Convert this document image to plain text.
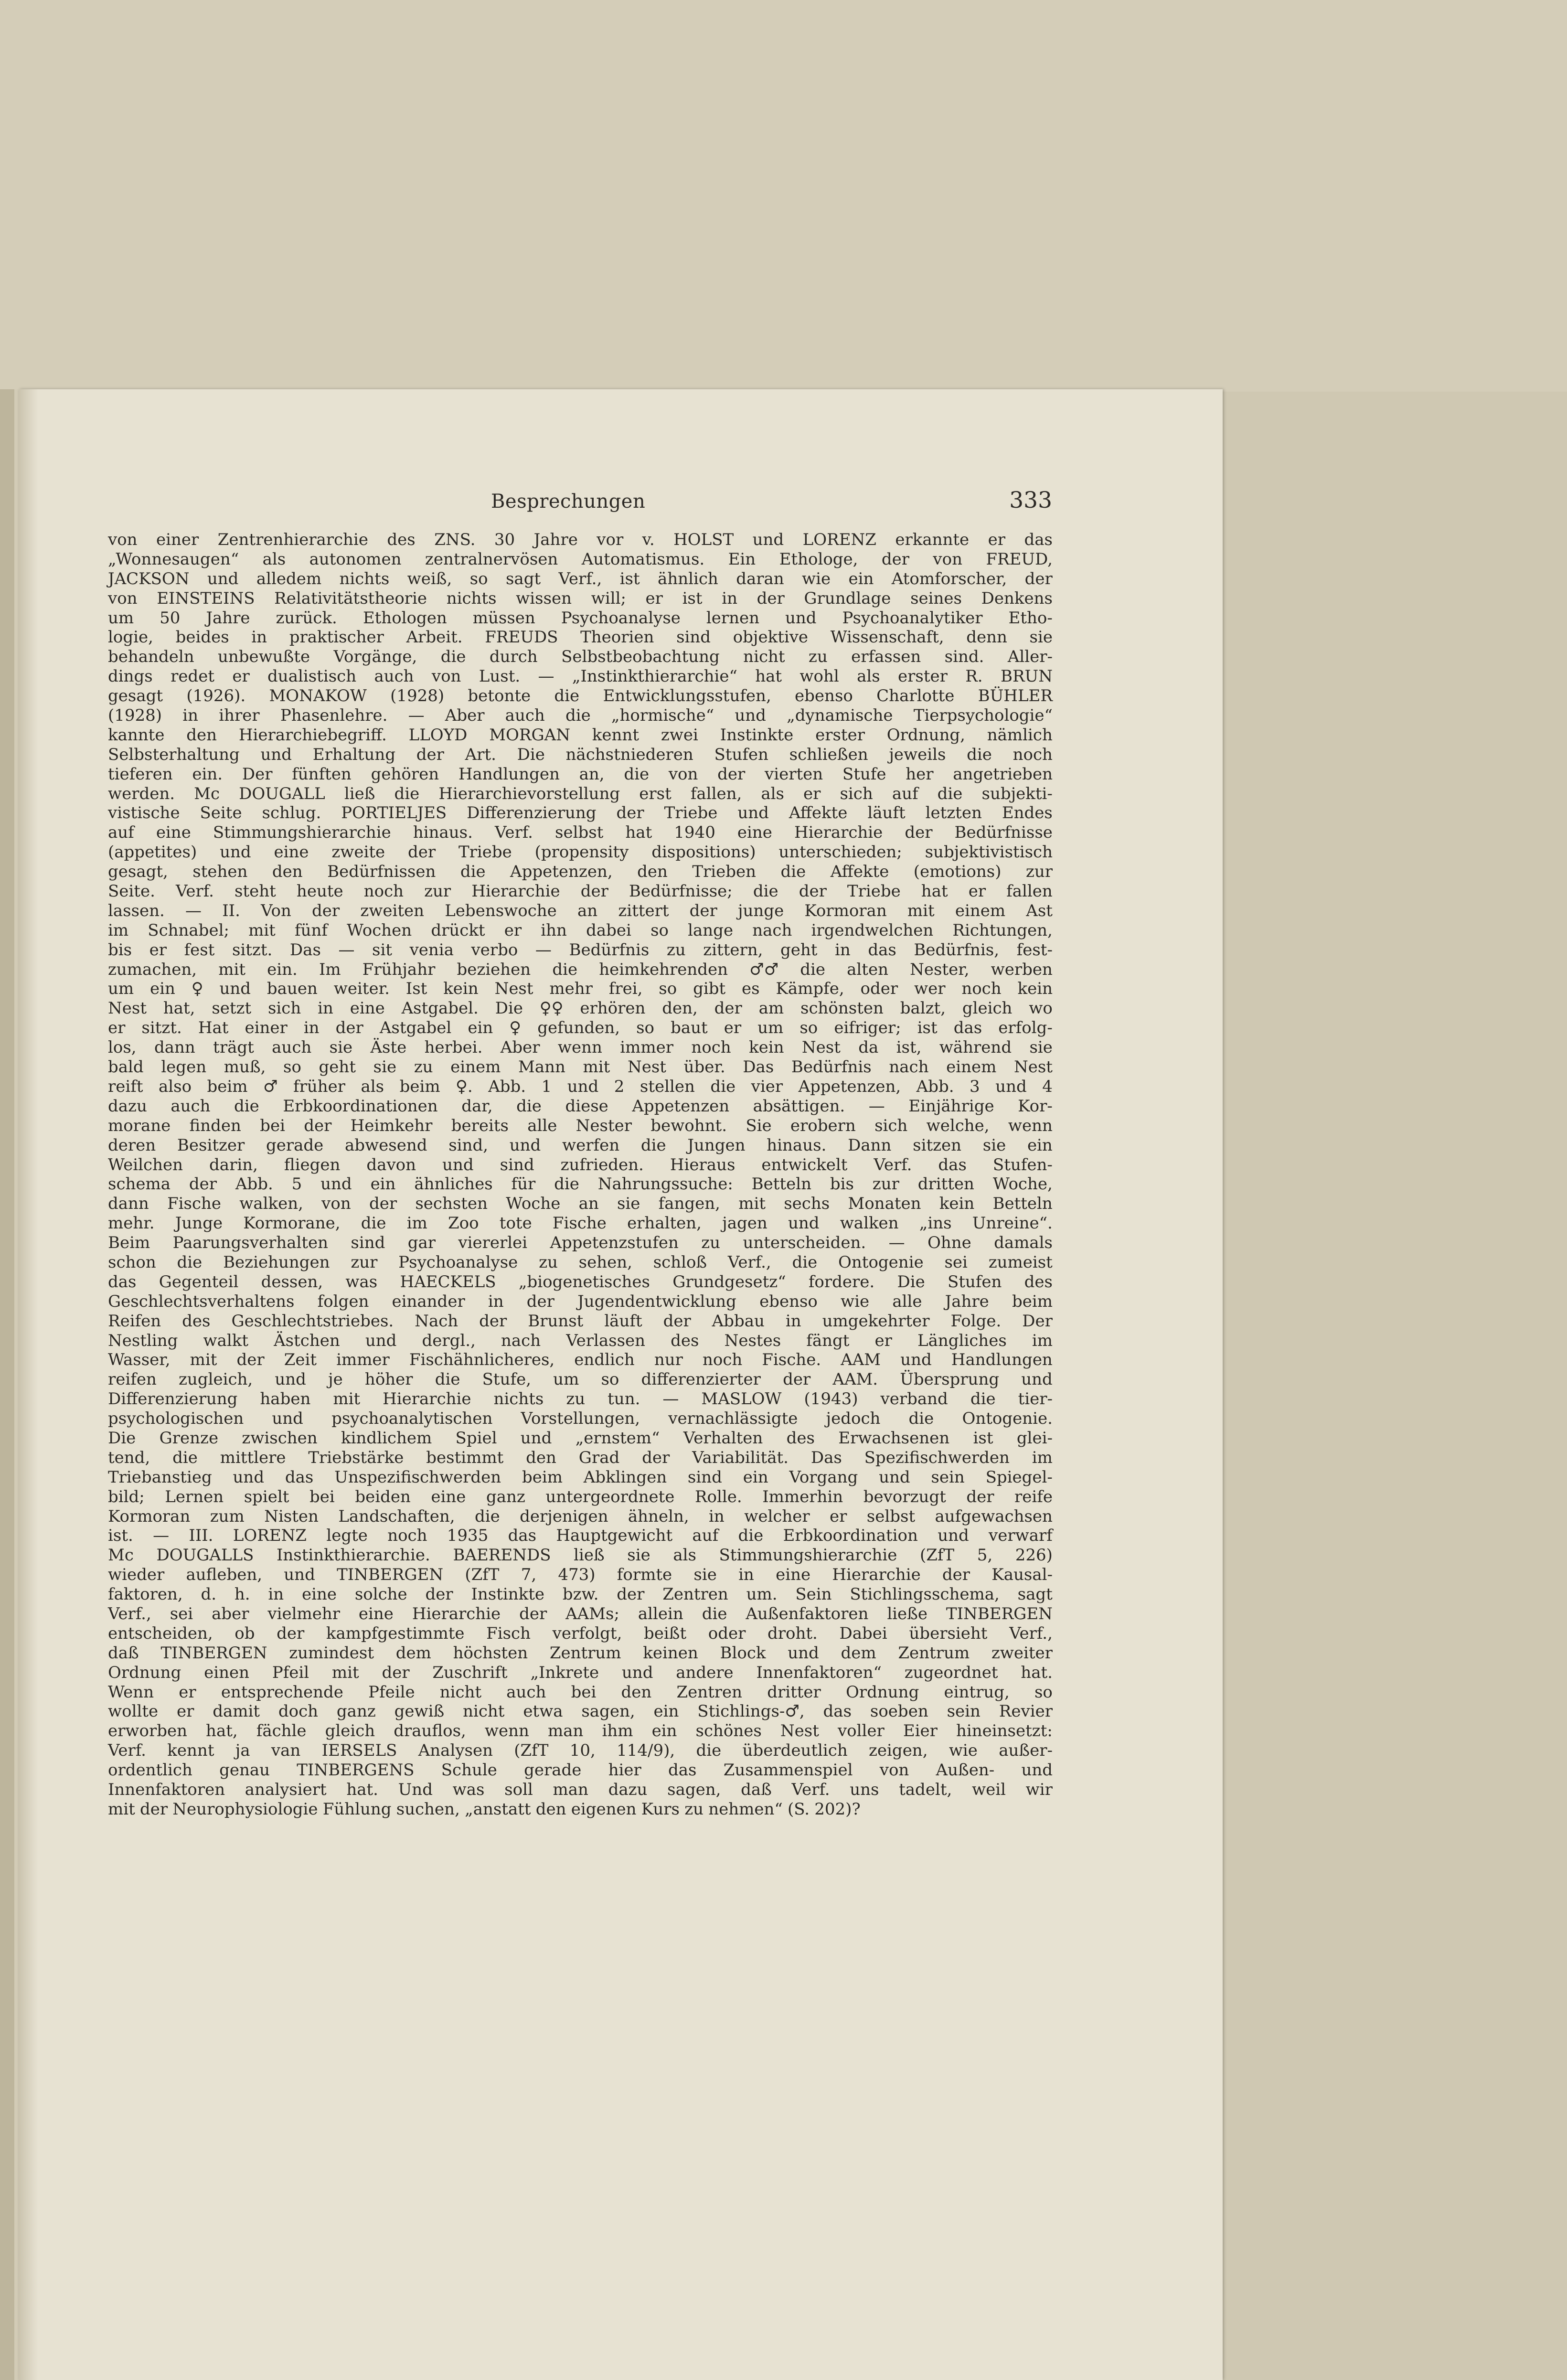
Besprechungen	333
von einer Zentrenhierarchie des ZNS. 30 Jahre vor v. HOLST und LORENZ erkannte er das
„Wonnesaugen“ als autonomen zentralnervösen Automatismus. Ein Ethologe, der von FREUD,
JACKSON und alledem nichts weiß, so sagt Verf., ist ähnlich daran wie ein Atomforscher, der
von EINSTEINS Relativitätstheorie nichts wissen will; er ist in der Grundlage seines Denkens
um 50 Jahre zurück. Ethologen müssen Psychoanalyse lernen und Psychoanalytiker Etho-
logie, beides in praktischer Arbeit. FREUDS Theorien sind objektive Wissenschaft, denn sie
behandeln unbewußte Vorgänge, die durch Selbstbeobachtung nicht zu erfassen sind. Aller-
dings redet er dualistisch auch von Lust. — „Instinkthierarchie“ hat wohl als erster R. BRUN
gesagt (1926). MONAKOW (1928) betonte die Entwicklungsstufen, ebenso Charlotte BÜHLER
(1928) in ihrer Phasenlehre. — Aber auch die „hormische“ und „dynamische Tierpsychologie“
kannte den Hierarchiebegriff. LLOYD MORGAN kennt zwei Instinkte erster Ordnung, nämlich
Selbsterhaltung und Erhaltung der Art. Die nächstniederen Stufen schließen jeweils die noch
tieferen ein. Der fünften gehören Handlungen an, die von der vierten Stufe her angetrieben
werden. Mc DOUGALL ließ die Hierarchievorstellung erst fallen, als er sich auf die subjekti-
vistische Seite schlug. PORTIELJES Differenzierung der Triebe und Affekte läuft letzten Endes
auf eine Stimmungshierarchie hinaus. Verf. selbst hat 1940 eine Hierarchie der Bedürfnisse
(appetites) und eine zweite der Triebe (propensity dispositions) unterschieden; subjektivistisch
gesagt, stehen den Bedürfnissen die Appetenzen, den Trieben die Affekte (emotions) zur
Seite. Verf. steht heute noch zur Hierarchie der Bedürfnisse; die der Triebe hat er fallen
lassen. — II. Von der zweiten Lebenswoche an zittert der junge Kormoran mit einem Ast
im Schnabel; mit fünf Wochen drückt er ihn dabei so lange nach irgendwelchen Richtungen,
bis er fest sitzt. Das — sit venia verbo — Bedürfnis zu zittern, geht in das Bedürfnis, fest-
zumachen, mit ein. Im Frühjahr beziehen die heimkehrenden ♂♂ die alten Nester, werben
um ein ♀ und bauen weiter. Ist kein Nest mehr frei, so gibt es Kämpfe, oder wer noch kein
Nest hat, setzt sich in eine Astgabel. Die ♀♀ erhören den, der am schönsten balzt, gleich wo
er sitzt. Hat einer in der Astgabel ein ♀ gefunden, so baut er um so eifriger; ist das erfolg-
los, dann trägt auch sie Äste herbei. Aber wenn immer noch kein Nest da ist, während sie
bald legen muß, so geht sie zu einem Mann mit Nest über. Das Bedürfnis nach einem Nest
reift also beim ♂ früher als beim ♀. Abb. 1 und 2 stellen die vier Appetenzen, Abb. 3 und 4
dazu auch die Erbkoordinationen dar, die diese Appetenzen absättigen. — Einjährige Kor-
morane finden bei der Heimkehr bereits alle Nester bewohnt. Sie erobern sich welche, wenn
deren Besitzer gerade abwesend sind, und werfen die Jungen hinaus. Dann sitzen sie ein
Weilchen darin, fliegen davon und sind zufrieden. Hieraus entwickelt Verf. das Stufen-
schema der Abb. 5 und ein ähnliches für die Nahrungssuche: Betteln bis zur dritten Woche,
dann Fische walken, von der sechsten Woche an sie fangen, mit sechs Monaten kein Betteln
mehr. Junge Kormorane, die im Zoo tote Fische erhalten, jagen und walken „ins Unreine“.
Beim Paarungsverhalten sind gar viererlei Appetenzstufen zu unterscheiden. — Ohne damals
schon die Beziehungen zur Psychoanalyse zu sehen, schloß Verf., die Ontogenie sei zumeist
das Gegenteil dessen, was HAECKELS „biogenetisches Grundgesetz“ fordere. Die Stufen des
Geschlechtsverhaltens folgen einander in der Jugendentwicklung ebenso wie alle Jahre beim
Reifen des Geschlechtstriebes. Nach der Brunst läuft der Abbau in umgekehrter Folge. Der
Nestling walkt Ästchen und dergl., nach Verlassen des Nestes fängt er Längliches im
Wasser, mit der Zeit immer Fischähnlicheres, endlich nur noch Fische. AAM und Handlungen
reifen zugleich, und je höher die Stufe, um so differenzierter der AAM. Übersprung und
Differenzierung haben mit Hierarchie nichts zu tun. — MASLOW (1943) verband die tier-
psychologischen und psychoanalytischen Vorstellungen, vernachlässigte jedoch die Ontogenie.
Die Grenze zwischen kindlichem Spiel und „ernstem“ Verhalten des Erwachsenen ist glei-
tend, die mittlere Triebstärke bestimmt den Grad der Variabilität. Das Spezifischwerden im
Triebanstieg und das Unspezifischwerden beim Abklingen sind ein Vorgang und sein Spiegel-
bild; Lernen spielt bei beiden eine ganz untergeordnete Rolle. Immerhin bevorzugt der reife
Kormoran zum Nisten Landschaften, die derjenigen ähneln, in welcher er selbst aufgewachsen
ist. — III. LORENZ legte noch 1935 das Hauptgewicht auf die Erbkoordination und verwarf
Mc DOUGALLS Instinkthierarchie. BAERENDS ließ sie als Stimmungshierarchie (ZfT 5, 226)
wieder aufleben, und TINBERGEN (ZfT 7, 473) formte sie in eine Hierarchie der Kausal-
faktoren, d. h. in eine solche der Instinkte bzw. der Zentren um. Sein Stichlingsschema, sagt
Verf., sei aber vielmehr eine Hierarchie der AAMs; allein die Außenfaktoren ließe TINBERGEN
entscheiden, ob der kampfgestimmte Fisch verfolgt, beißt oder droht. Dabei übersieht Verf.,
daß TINBERGEN zumindest dem höchsten Zentrum keinen Block und dem Zentrum zweiter
Ordnung einen Pfeil mit der Zuschrift „Inkrete und andere Innenfaktoren“ zugeordnet hat.
Wenn er entsprechende Pfeile nicht auch bei den Zentren dritter Ordnung eintrug, so
wollte er damit doch ganz gewiß nicht etwa sagen, ein Stichlings-♂, das soeben sein Revier
erworben hat, fächle gleich drauflos, wenn man ihm ein schönes Nest voller Eier hineinsetzt:
Verf. kennt ja van IERSELS Analysen (ZfT 10, 114/9), die überdeutlich zeigen, wie außer-
ordentlich genau TINBERGENS Schule gerade hier das Zusammenspiel von Außen- und
Innenfaktoren analysiert hat. Und was soll man dazu sagen, daß Verf. uns tadelt, weil wir
mit der Neurophysiologie Fühlung suchen, „anstatt den eigenen Kurs zu nehmen“ (S. 202)?
